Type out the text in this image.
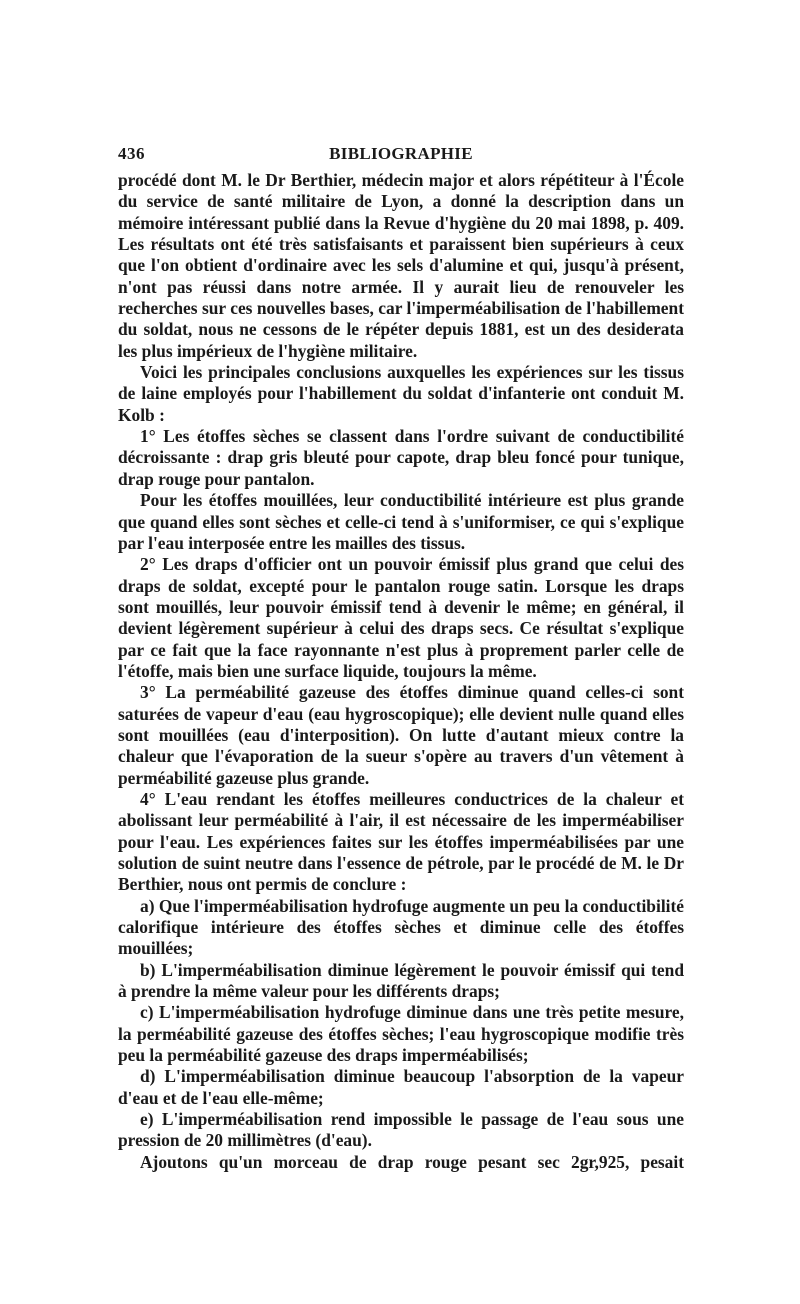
436	BIBLIOGRAPHIE

procédé dont M. le Dr Berthier, médecin major et alors répétiteur à l'École du service de santé militaire de Lyon, a donné la description dans un mémoire intéressant publié dans la Revue d'hygiène du 20 mai 1898, p. 409. Les résultats ont été très satisfaisants et paraissent bien supérieurs à ceux que l'on obtient d'ordinaire avec les sels d'alumine et qui, jusqu'à présent, n'ont pas réussi dans notre armée. Il y aurait lieu de renouveler les recherches sur ces nouvelles bases, car l'imperméabilisation de l'habillement du soldat, nous ne cessons de le répéter depuis 1881, est un des desiderata les plus impérieux de l'hygiène militaire.

Voici les principales conclusions auxquelles les expériences sur les tissus de laine employés pour l'habillement du soldat d'infanterie ont conduit M. Kolb :

1° Les étoffes sèches se classent dans l'ordre suivant de conductibilité décroissante : drap gris bleuté pour capote, drap bleu foncé pour tunique, drap rouge pour pantalon.

Pour les étoffes mouillées, leur conductibilité intérieure est plus grande que quand elles sont sèches et celle-ci tend à s'uniformiser, ce qui s'explique par l'eau interposée entre les mailles des tissus.

2° Les draps d'officier ont un pouvoir émissif plus grand que celui des draps de soldat, excepté pour le pantalon rouge satin. Lorsque les draps sont mouillés, leur pouvoir émissif tend à devenir le même; en général, il devient légèrement supérieur à celui des draps secs. Ce résultat s'explique par ce fait que la face rayonnante n'est plus à proprement parler celle de l'étoffe, mais bien une surface liquide, toujours la même.

3° La perméabilité gazeuse des étoffes diminue quand celles-ci sont saturées de vapeur d'eau (eau hygroscopique); elle devient nulle quand elles sont mouillées (eau d'interposition). On lutte d'autant mieux contre la chaleur que l'évaporation de la sueur s'opère au travers d'un vêtement à perméabilité gazeuse plus grande.

4° L'eau rendant les étoffes meilleures conductrices de la chaleur et abolissant leur perméabilité à l'air, il est nécessaire de les imperméabiliser pour l'eau. Les expériences faites sur les étoffes imperméabilisées par une solution de suint neutre dans l'essence de pétrole, par le procédé de M. le Dr Berthier, nous ont permis de conclure :

a) Que l'imperméabilisation hydrofuge augmente un peu la conductibilité calorifique intérieure des étoffes sèches et diminue celle des étoffes mouillées;

b) L'imperméabilisation diminue légèrement le pouvoir émissif qui tend à prendre la même valeur pour les différents draps;

c) L'imperméabilisation hydrofuge diminue dans une très petite mesure, la perméabilité gazeuse des étoffes sèches; l'eau hygroscopique modifie très peu la perméabilité gazeuse des draps imperméabilisés;

d) L'imperméabilisation diminue beaucoup l'absorption de la vapeur d'eau et de l'eau elle-même;

e) L'imperméabilisation rend impossible le passage de l'eau sous une pression de 20 millimètres (d'eau).

Ajoutons qu'un morceau de drap rouge pesant sec 2gr,925, pesait
